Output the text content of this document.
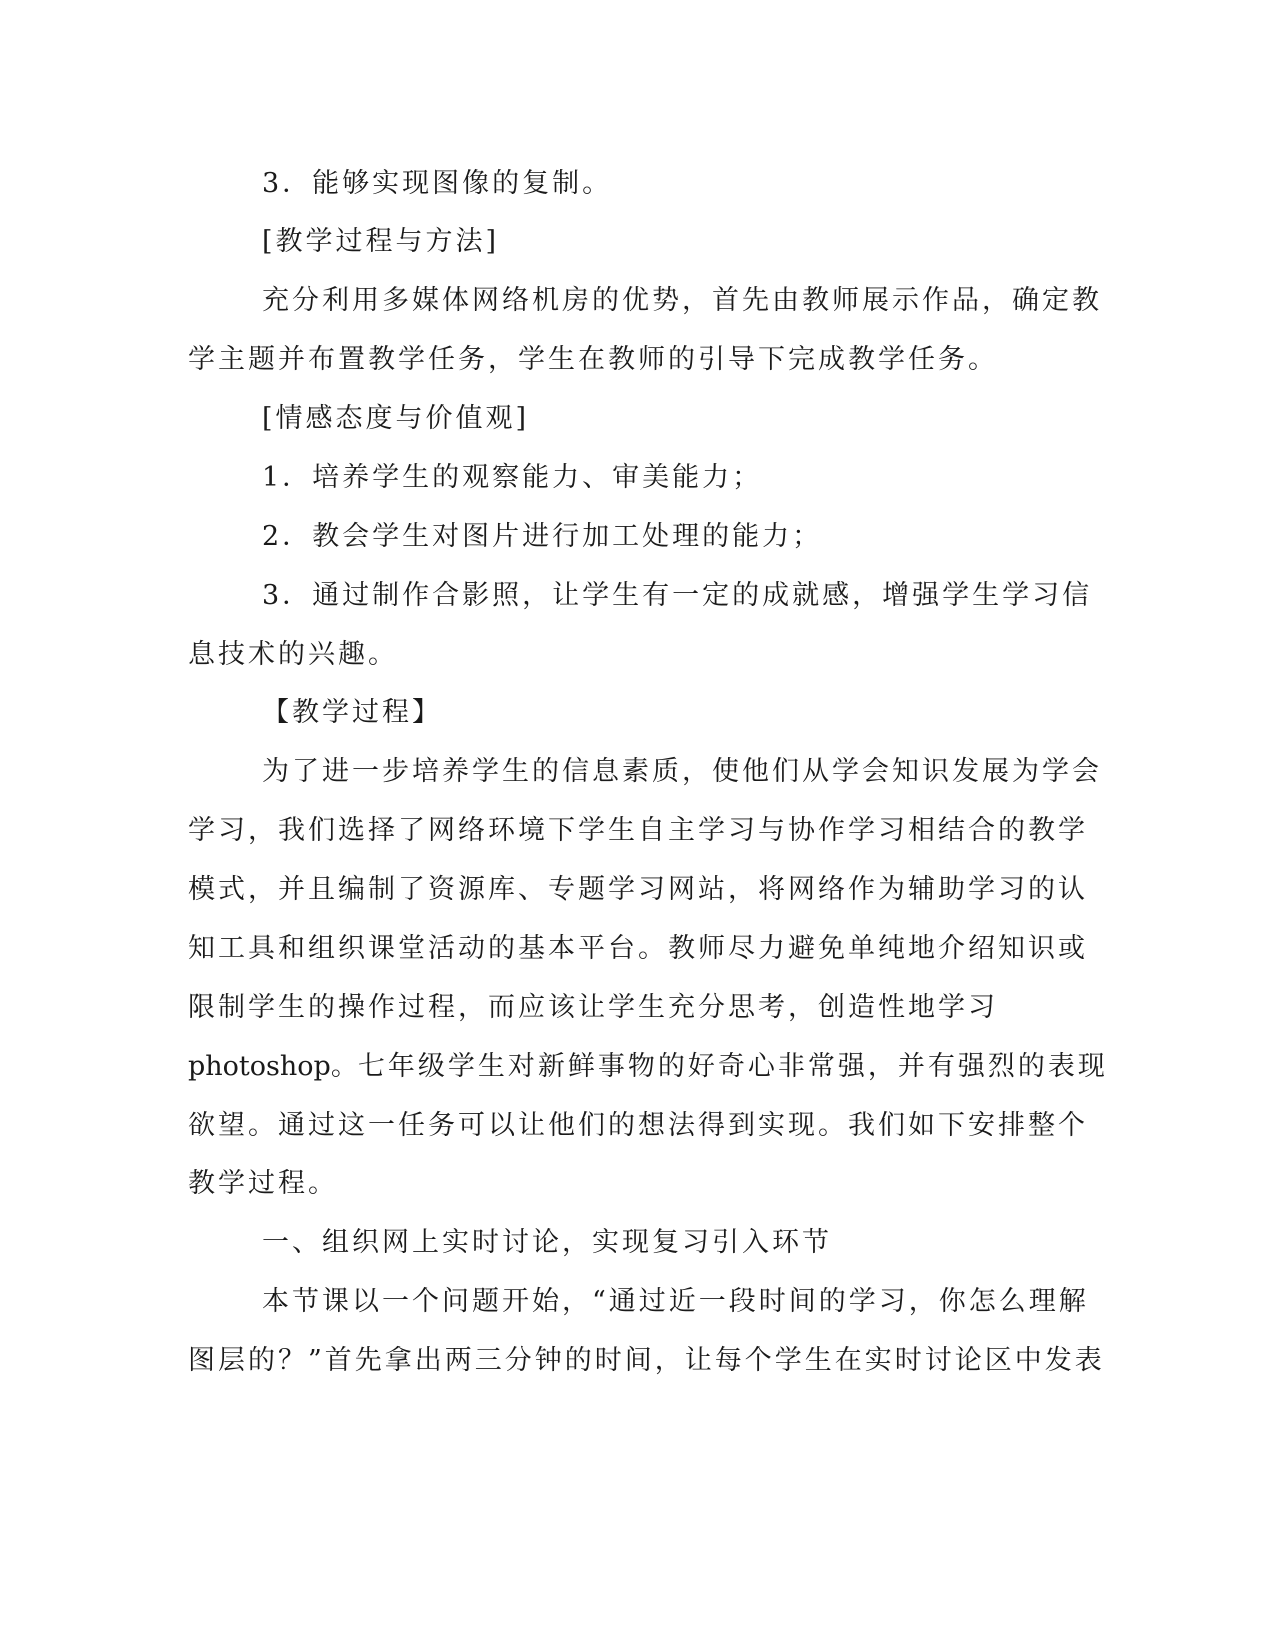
3．能够实现图像的复制。
[教学过程与方法]
充分利用多媒体网络机房的优势，首先由教师展示作品，确定教
学主题并布置教学任务，学生在教师的引导下完成教学任务。
[情感态度与价值观]
1．培养学生的观察能力、审美能力；
2．教会学生对图片进行加工处理的能力；
3．通过制作合影照，让学生有一定的成就感，增强学生学习信
息技术的兴趣。
【教学过程】
为了进一步培养学生的信息素质，使他们从学会知识发展为学会
学习，我们选择了网络环境下学生自主学习与协作学习相结合的教学
模式，并且编制了资源库、专题学习网站，将网络作为辅助学习的认
知工具和组织课堂活动的基本平台。教师尽力避免单纯地介绍知识或
限制学生的操作过程，而应该让学生充分思考，创造性地学习
photoshop。七年级学生对新鲜事物的好奇心非常强，并有强烈的表现
欲望。通过这一任务可以让他们的想法得到实现。我们如下安排整个
教学过程。
一、组织网上实时讨论，实现复习引入环节
本节课以一个问题开始，“通过近一段时间的学习，你怎么理解
图层的？”首先拿出两三分钟的时间，让每个学生在实时讨论区中发表
